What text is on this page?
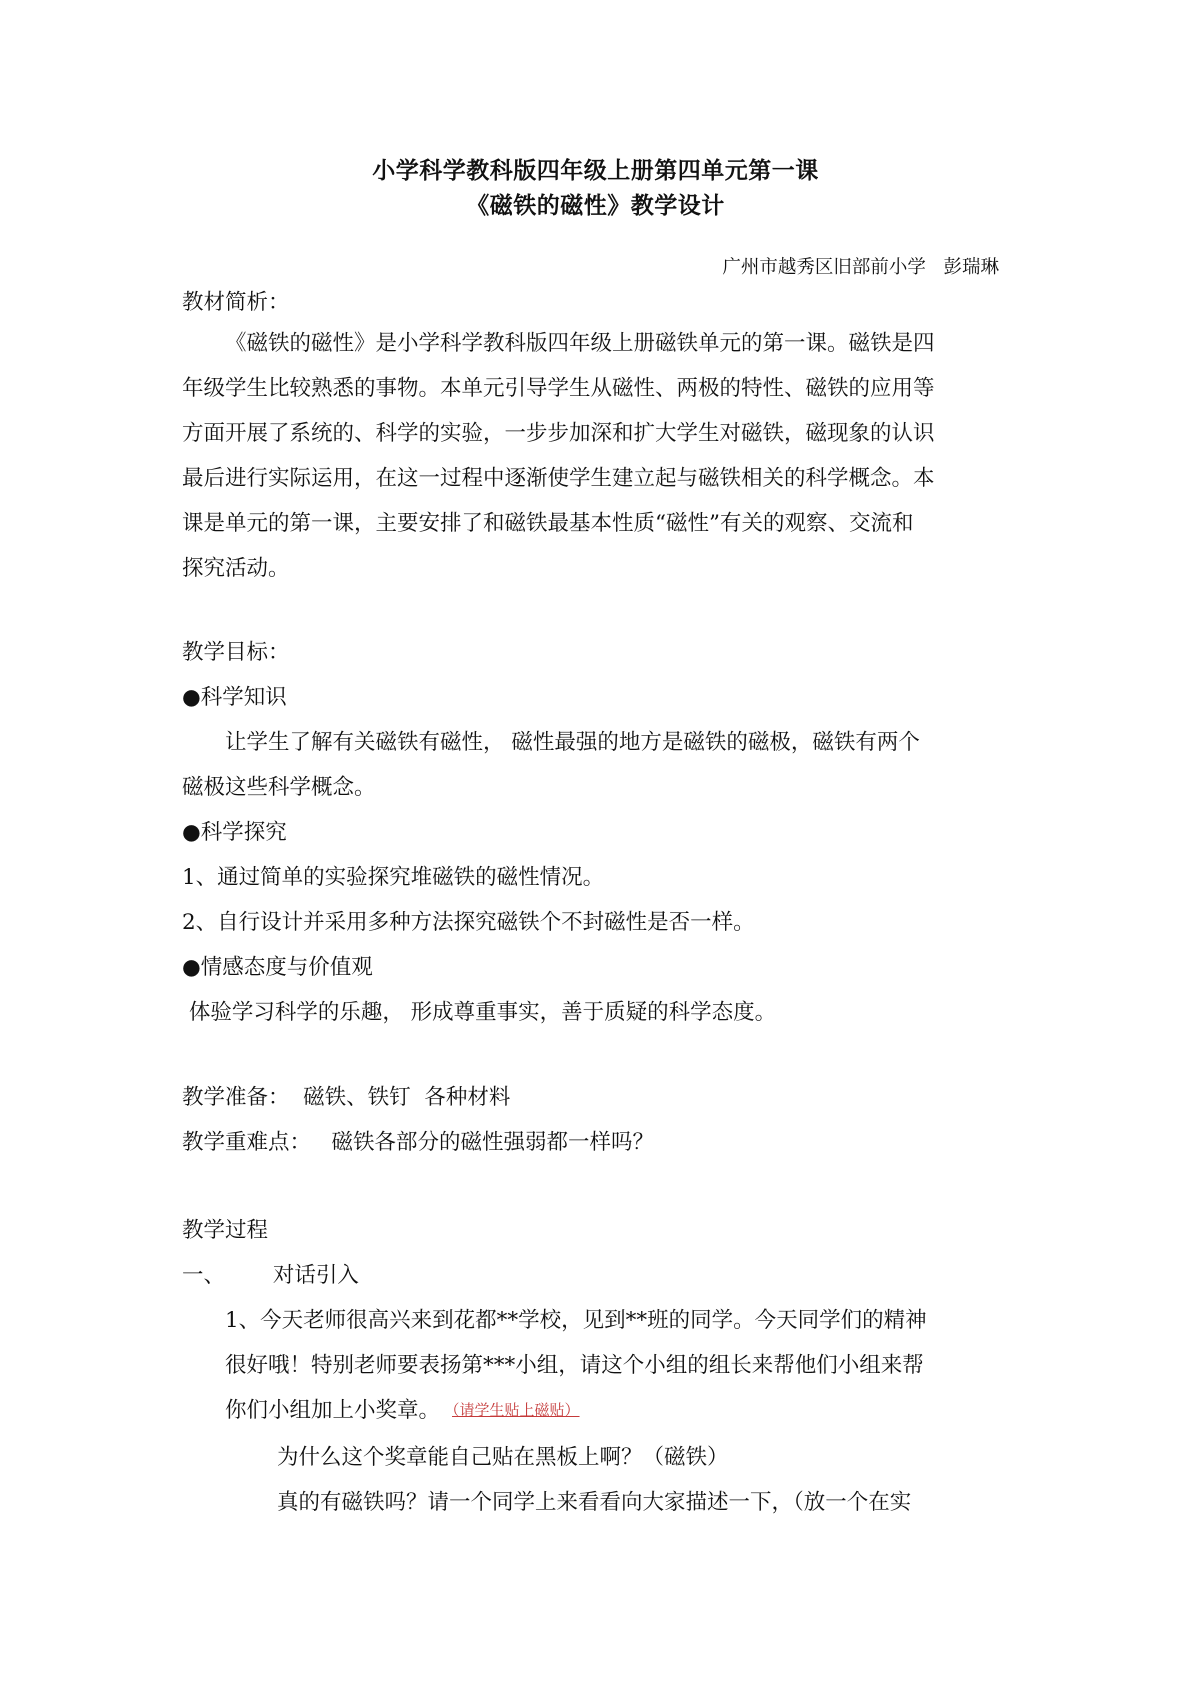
小学科学教科版四年级上册第四单元第一课
《磁铁的磁性》教学设计
广州市越秀区旧部前小学   彭瑞琳
教材简析：
《磁铁的磁性》是小学科学教科版四年级上册磁铁单元的第一课。磁铁是四
年级学生比较熟悉的事物。本单元引导学生从磁性、两极的特性、磁铁的应用等
方面开展了系统的、科学的实验，一步步加深和扩大学生对磁铁，磁现象的认识
最后进行实际运用，在这一过程中逐渐使学生建立起与磁铁相关的科学概念。本
课是单元的第一课，主要安排了和磁铁最基本性质“磁性”有关的观察、交流和
探究活动。
教学目标：
●科学知识
让学生了解有关磁铁有磁性， 磁性最强的地方是磁铁的磁极，磁铁有两个
磁极这些科学概念。
●科学探究
1、通过简单的实验探究堆磁铁的磁性情况。
2、自行设计并采用多种方法探究磁铁个不封磁性是否一样。
●情感态度与价值观
体验学习科学的乐趣， 形成尊重事实，善于质疑的科学态度。
教学准备：  磁铁、铁钉  各种材料
教学重难点：   磁铁各部分的磁性强弱都一样吗？
教学过程
一、       对话引入
1、今天老师很高兴来到花都**学校，见到**班的同学。今天同学们的精神
很好哦！特别老师要表扬第***小组，请这个小组的组长来帮他们小组来帮
你们小组加上小奖章。 （请学生贴上磁贴）
为什么这个奖章能自己贴在黑板上啊？（磁铁）
真的有磁铁吗？请一个同学上来看看向大家描述一下，（放一个在实
